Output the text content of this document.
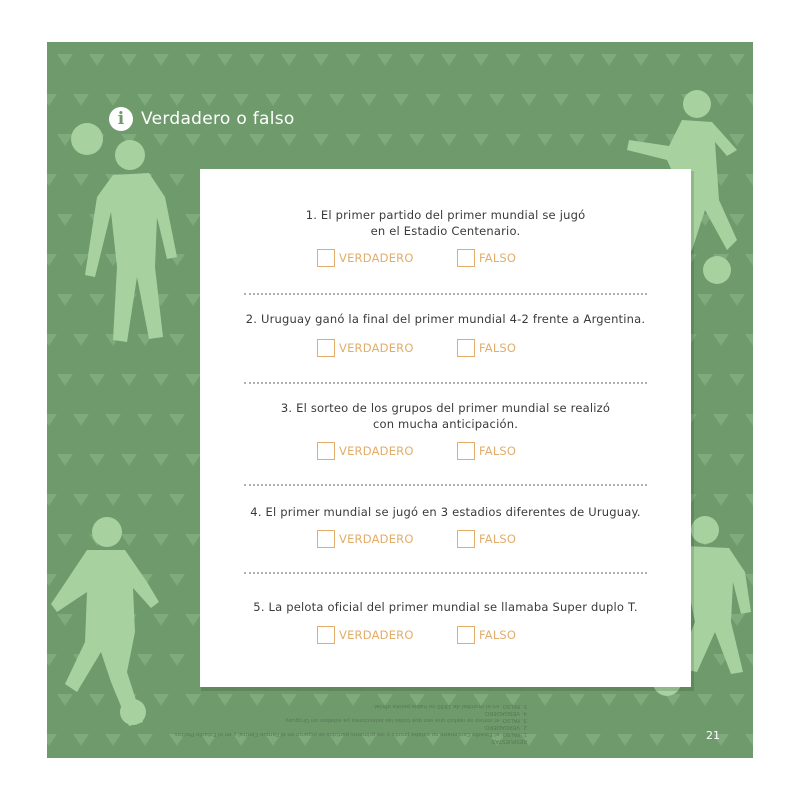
i Verdadero o falso
1. El primer partido del primer mundial se jugó
en el Estadio Centenario.
VERDADERO	FALSO
2. Uruguay ganó la final del primer mundial 4-2 frente a Argentina.
VERDADERO	FALSO
3. El sorteo de los grupos del primer mundial se realizó
con mucha anticipación.
VERDADERO	FALSO
4. El primer mundial se jugó en 3 estadios diferentes de Uruguay.
VERDADERO	FALSO
5. La pelota oficial del primer mundial se llamaba Super duplo T.
VERDADERO	FALSO
RESPUESTAS
1. FALSO: el Estadio Centenario no estaba pronto y los primeros partidos se jugaron en el Parque Central y en el Estadio Pocitos.
2. VERDADERO.
3. FALSO: el sorteo se realizó una vez que todas las selecciones ya estaban en Uruguay.
4. VERDADERO.
5. FALSO: en el mundial de 1930 no había pelota oficial.
21
